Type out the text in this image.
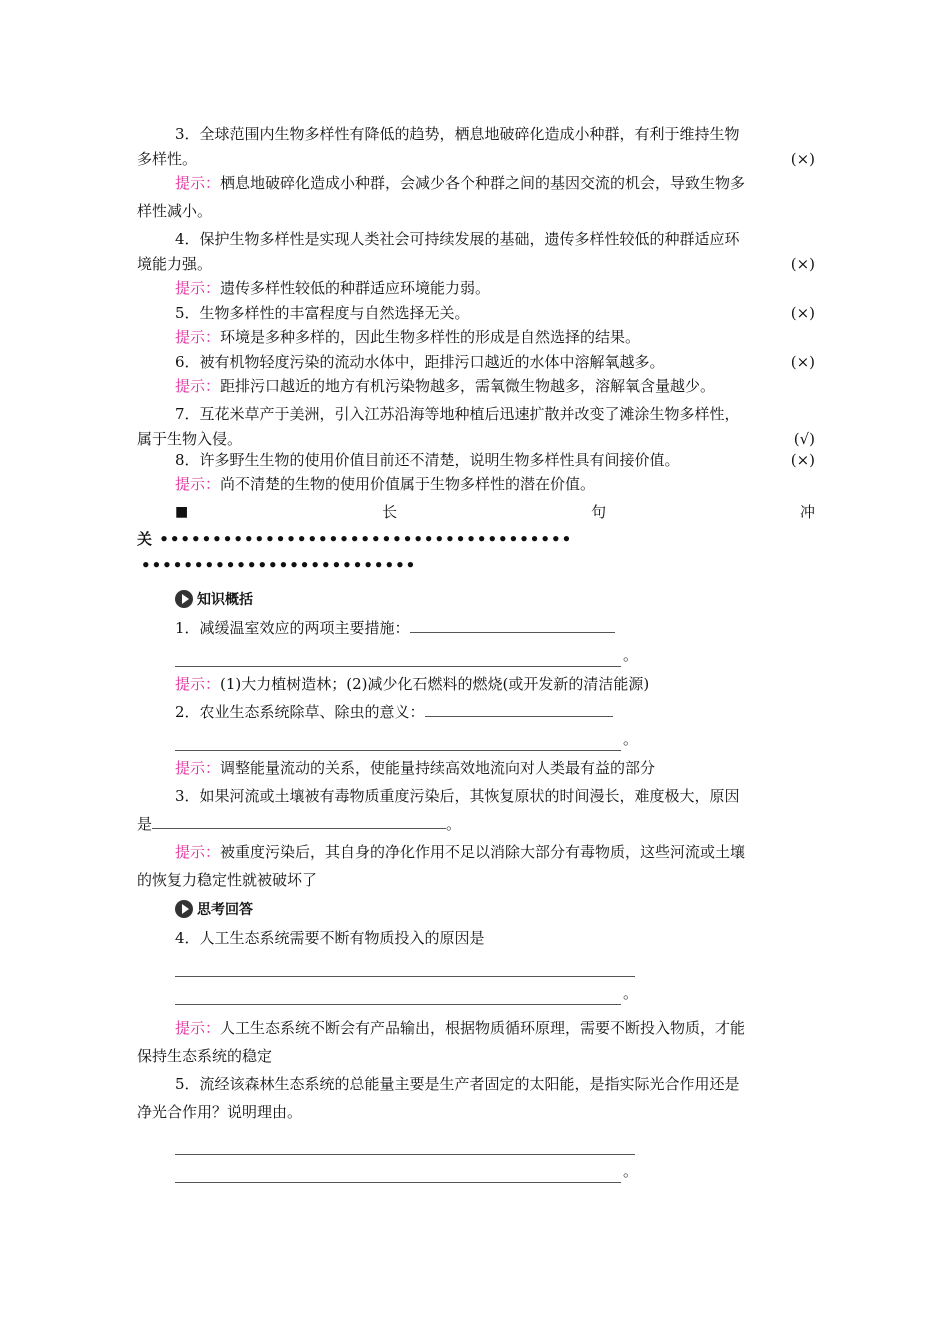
3．全球范围内生物多样性有降低的趋势，栖息地破碎化造成小种群，有利于维持生物

多样性。	(×)

提示：栖息地破碎化造成小种群，会减少各个种群之间的基因交流的机会，导致生物多

样性减小。

4．保护生物多样性是实现人类社会可持续发展的基础，遗传多样性较低的种群适应环

境能力强。	(×)

提示：遗传多样性较低的种群适应环境能力弱。

5．生物多样性的丰富程度与自然选择无关。	(×)

提示：环境是多种多样的，因此生物多样性的形成是自然选择的结果。

6．被有机物轻度污染的流动水体中，距排污口越近的水体中溶解氧越多。	(×)

提示：距排污口越近的地方有机污染物越多，需氧微生物越多，溶解氧含量越少。

7．互花米草产于美洲，引入江苏沿海等地种植后迅速扩散并改变了滩涂生物多样性，

属于生物入侵。	(√)
8．许多野生生物的使用价值目前还不清楚，说明生物多样性具有间接价值。	(×)

提示：尚不清楚的生物的使用价值属于生物多样性的潜在价值。

■	长	句	冲
关 •••••••••••••••••••••••••••••••••••••••
••••••••••••••••••••••••••
知识概括

1．减缓温室效应的两项主要措施：

。

提示：(1)大力植树造林；(2)减少化石燃料的燃烧(或开发新的清洁能源)

2．农业生态系统除草、除虫的意义：

。

提示：调整能量流动的关系，使能量持续高效地流向对人类最有益的部分

3．如果河流或土壤被有毒物质重度污染后，其恢复原状的时间漫长，难度极大，原因

是	。

提示：被重度污染后，其自身的净化作用不足以消除大部分有毒物质，这些河流或土壤

的恢复力稳定性就被破坏了

思考回答

4．人工生态系统需要不断有物质投入的原因是

。

提示：人工生态系统不断会有产品输出，根据物质循环原理，需要不断投入物质，才能

保持生态系统的稳定

5．流经该森林生态系统的总能量主要是生产者固定的太阳能，是指实际光合作用还是

净光合作用？说明理由。

。
